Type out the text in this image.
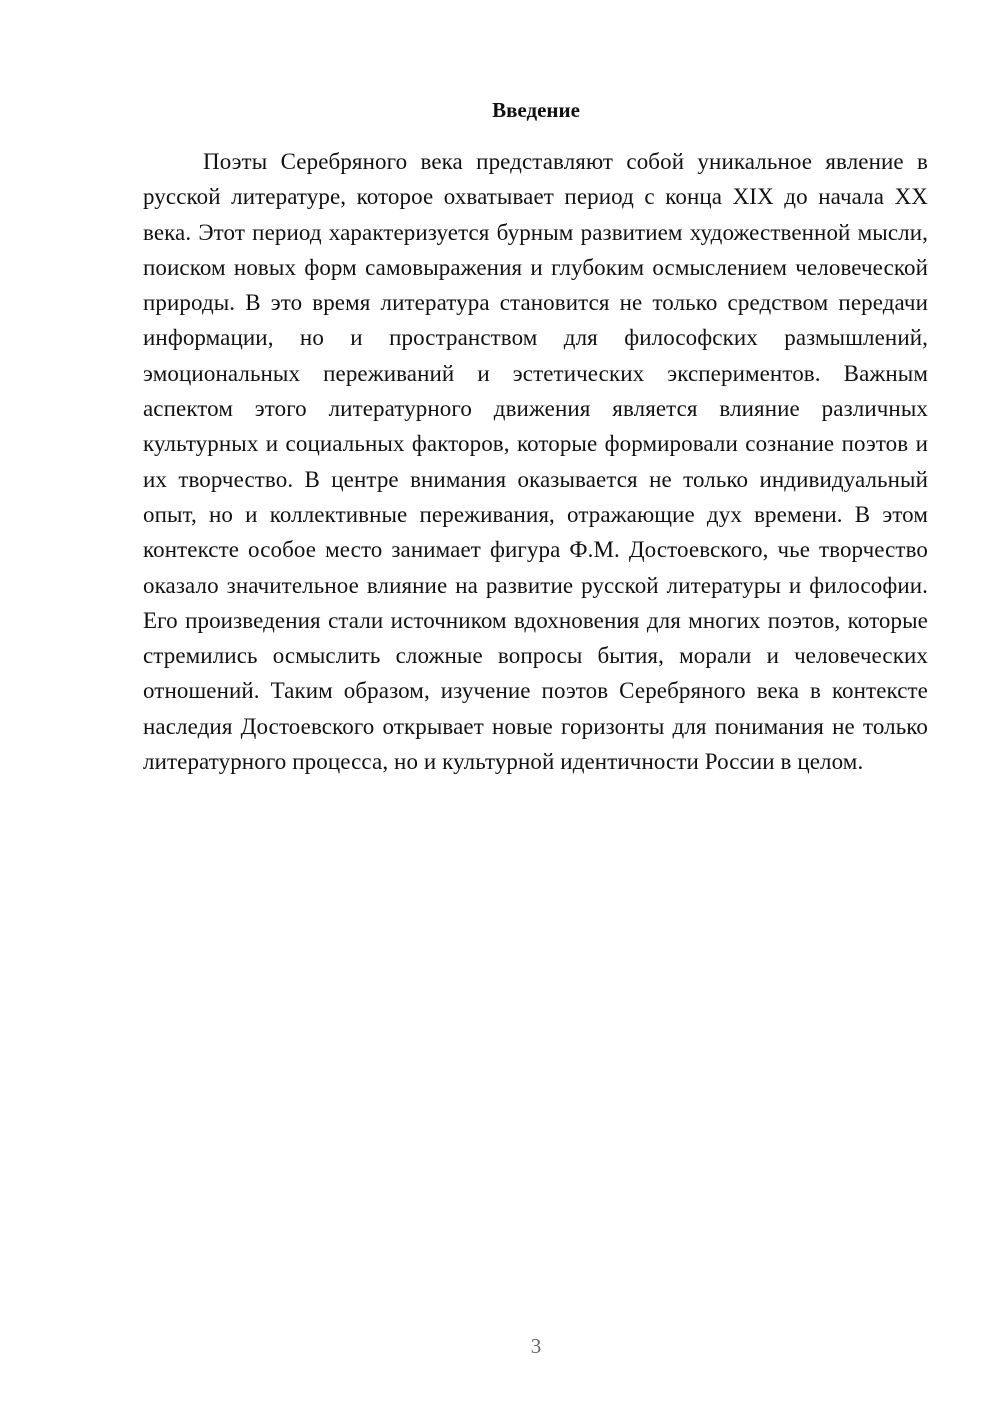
Введение

Поэты Серебряного века представляют собой уникальное явление в русской литературе, которое охватывает период с конца XIX до начала XX века. Этот период характеризуется бурным развитием художественной мысли, поиском новых форм самовыражения и глубоким осмыслением человеческой природы. В это время литература становится не только средством передачи информации, но и пространством для философских размышлений, эмоциональных переживаний и эстетических экспериментов. Важным аспектом этого литературного движения является влияние различных культурных и социальных факторов, которые формировали сознание поэтов и их творчество. В центре внимания оказывается не только индивидуальный опыт, но и коллективные переживания, отражающие дух времени. В этом контексте особое место занимает фигура Ф.М. Достоевского, чье творчество оказало значительное влияние на развитие русской литературы и философии. Его произведения стали источником вдохновения для многих поэтов, которые стремились осмыслить сложные вопросы бытия, морали и человеческих отношений. Таким образом, изучение поэтов Серебряного века в контексте наследия Достоевского открывает новые горизонты для понимания не только литературного процесса, но и культурной идентичности России в целом.

3
